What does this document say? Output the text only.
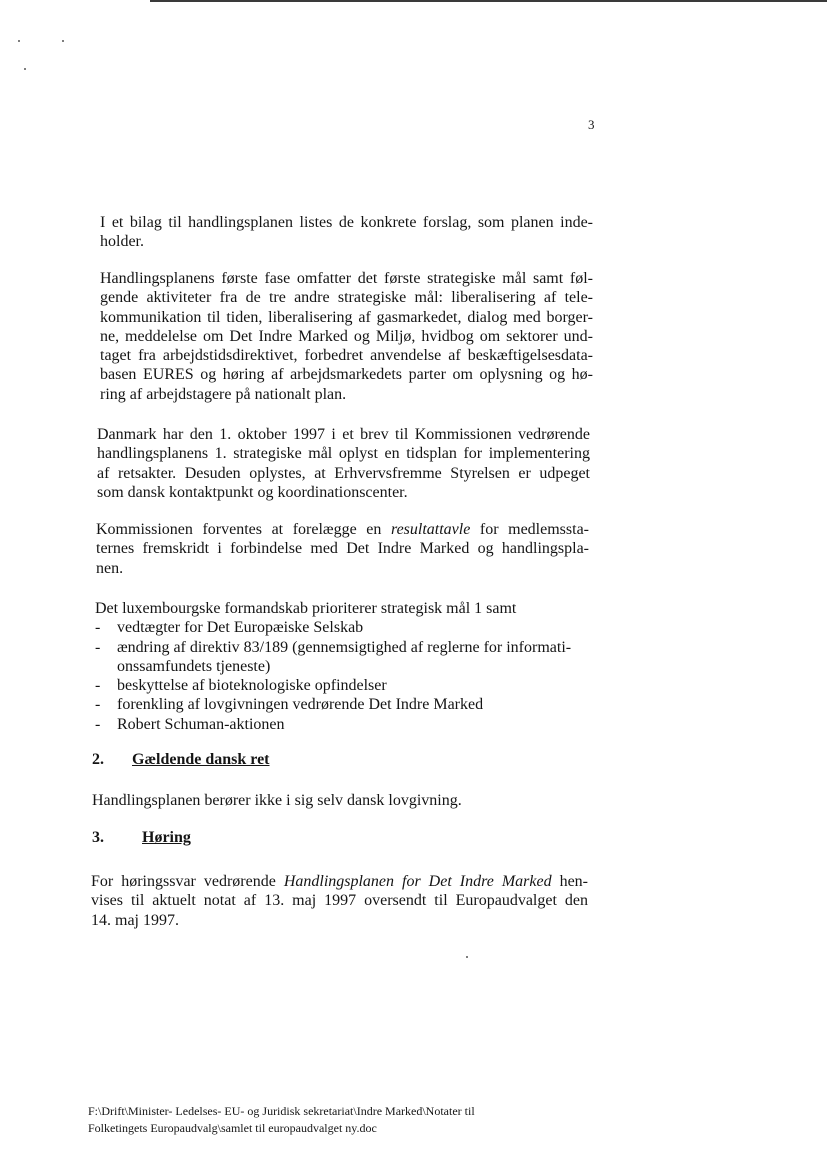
3

I et bilag til handlingsplanen listes de konkrete forslag, som planen inde-
holder.

Handlingsplanens første fase omfatter det første strategiske mål samt føl-
gende aktiviteter fra de tre andre strategiske mål: liberalisering af tele-
kommunikation til tiden, liberalisering af gasmarkedet, dialog med borger-
ne, meddelelse om Det Indre Marked og Miljø, hvidbog om sektorer und-
taget fra arbejdstidsdirektivet, forbedret anvendelse af beskæftigelsesdata-
basen EURES og høring af arbejdsmarkedets parter om oplysning og hø-
ring af arbejdstagere på nationalt plan.

Danmark har den 1. oktober 1997 i et brev til Kommissionen vedrørende
handlingsplanens 1. strategiske mål oplyst en tidsplan for implementering
af retsakter. Desuden oplystes, at Erhvervsfremme Styrelsen er udpeget
som dansk kontaktpunkt og koordinationscenter.

Kommissionen forventes at forelægge en resultattavle for medlemssta-
ternes fremskridt i forbindelse med Det Indre Marked og handlingspla-
nen.

Det luxembourgske formandskab prioriterer strategisk mål 1 samt
-	vedtægter for Det Europæiske Selskab
-	ændring af direktiv 83/189 (gennemsigtighed af reglerne for informati-
onssamfundets tjeneste)
-	beskyttelse af bioteknologiske opfindelser
-	forenkling af lovgivningen vedrørende Det Indre Marked
-	Robert Schuman-aktionen
2. Gældende dansk ret

Handlingsplanen berører ikke i sig selv dansk lovgivning.

3. Høring

For høringssvar vedrørende Handlingsplanen for Det Indre Marked hen-
vises til aktuelt notat af 13. maj 1997 oversendt til Europaudvalget den
14. maj 1997.

F:\Drift\Minister- Ledelses- EU- og Juridisk sekretariat\Indre Marked\Notater til
Folketingets Europaudvalg\samlet til europaudvalget ny.doc
